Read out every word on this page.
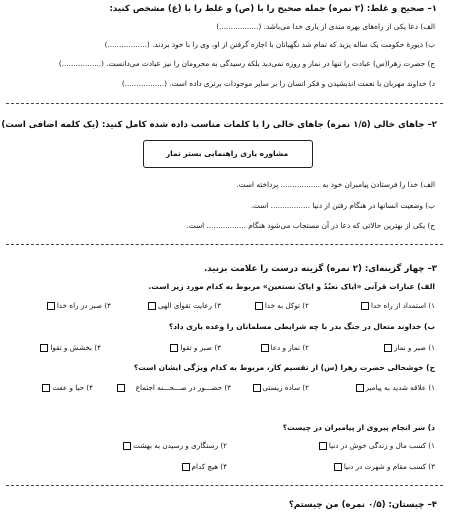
۱– صحیح و غلط: (۲ نمره) جمله صحیح را با (ص) و غلط را با (غ) مشخص کنید:
الف) دعا یکی از راه‌های بهره مندی از یاری خدا می‌باشد. (.................)
ب) دیورهٔ حکومت یک ساله یزید که تمام شد نگهبانان با اجازه گرفتن از او، وی را با خود بردند. (.................)
ج) حضرت زهرا(س) عبادت را تنها در نماز و روزه نمی‌دید بلکه رسیدگی به محرومان را نیز عبادت می‌دانست. (.................)
د) خداوند مهربان با نعمت اندیشیدن و فکر انسان را بر سایر موجودات برتری داده است. (.................)
۲– جاهای خالی (۱/۵ نمره) جاهای خالی را با کلمات مناسب داده شده کامل کنید: (یک کلمه اضافی است)
مشاوره یاری راهنمایی بستر تمار
الف) خدا را فرستادن پیامبران خود به ................. پرداخته است.
ب) وضعیت انسانها در هنگام رفتن از دنیا ................. است.
ج) یکی از بهترین حالاتی که دعا در آن مستجاب می‌شود هنگام ................. است.
۳– چهار گزینه‌ای: (۲ نمره) گزینه درست را علامت بزنید.
الف) عبارات قرآنی «ایاک نعبُدُ و ایاکَ نستعین» مربوط به کدام مورد زیر است.
۱) استمداد از راه خدا
۲) توکل به خدا
۳) رعایت تقوای الهی
۴) صبر در راه خدا
ب) خداوند متعال در جنگ بدر با چه شرایطی مسلمانان را وعده یاری داد؟
۱) صبر و نماز
۲) نماز و دعا
۳) صبر و تقوا
۴) بخشش و تقوا
ج) خوشحالی حضرت زهرا (س) از تقسیم کار، مربوط به کدام ویژگی ایشان است؟
۱) علاقه شدید به پیامبر
۲) ساده زیستی
۳) حضـــور در صـــحـــنه اجتماع
۴) حیا و عفت
د) سر انجام پیروی از پیامبران در چیست؟
۱) کسب مال و زندگی خوش در دنیا
۲) رستگاری و رسیدن به بهشت
۳) کسب مقام و شهرت در دنیا
۴) هیچ کدام
۴– چیستان: (۰/۵ نمره) من چیستم؟
